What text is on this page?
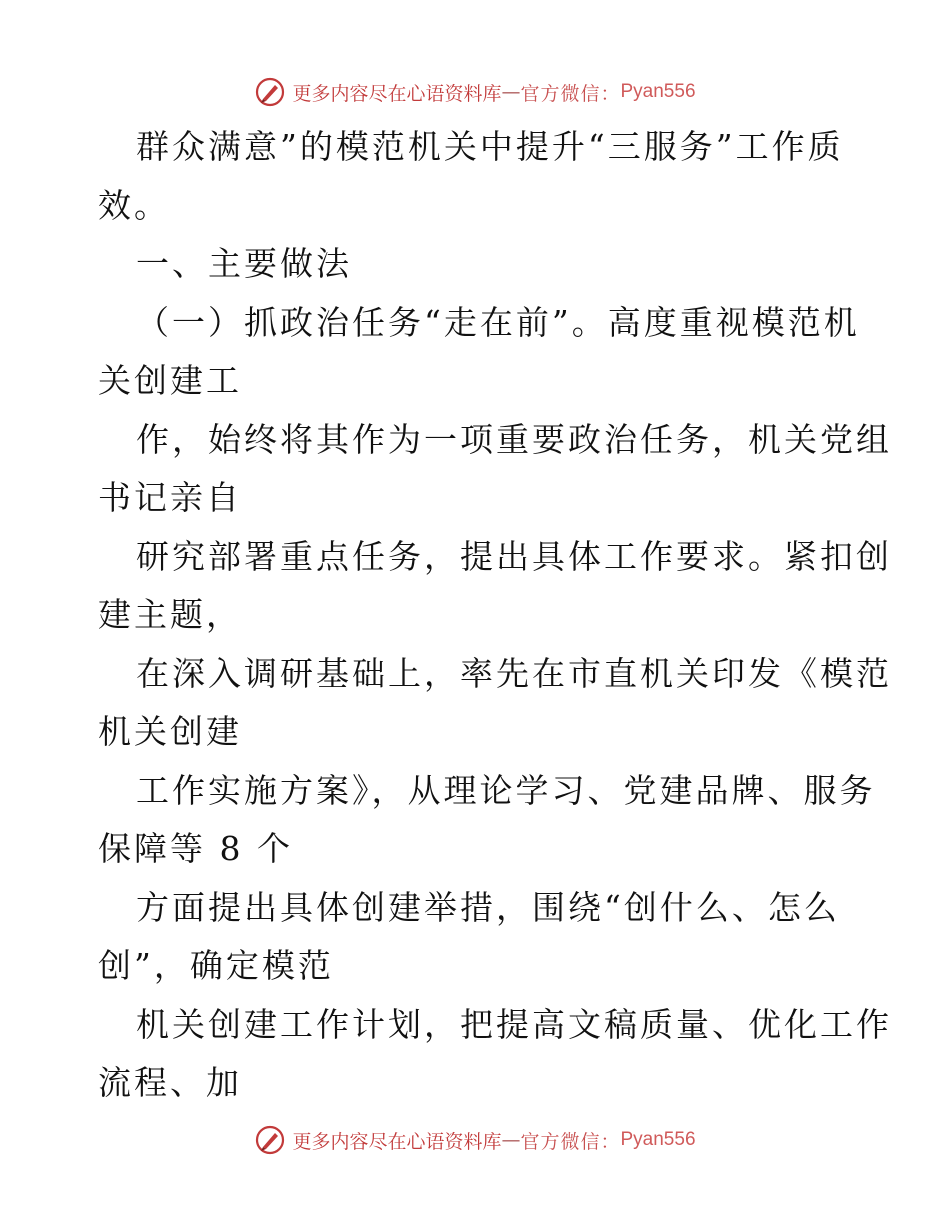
更多内容尽在心语资料库 — 官方微信： Pyan556

群众满意”的模范机关中提升“三服务”工作质

效。

一、主要做法

（一）抓政治任务“走在前”。高度重视模范机

关创建工

作，始终将其作为一项重要政治任务，机关党组

书记亲自

研究部署重点任务，提出具体工作要求。紧扣创

建主题，

在深入调研基础上，率先在市直机关印发《模范

机关创建

工作实施方案》，从理论学习、党建品牌、服务

保障等 8 个

方面提出具体创建举措，围绕“创什么、怎么

创”，确定模范

机关创建工作计划，把提高文稿质量、优化工作

流程、加

更多内容尽在心语资料库 — 官方微信： Pyan556
